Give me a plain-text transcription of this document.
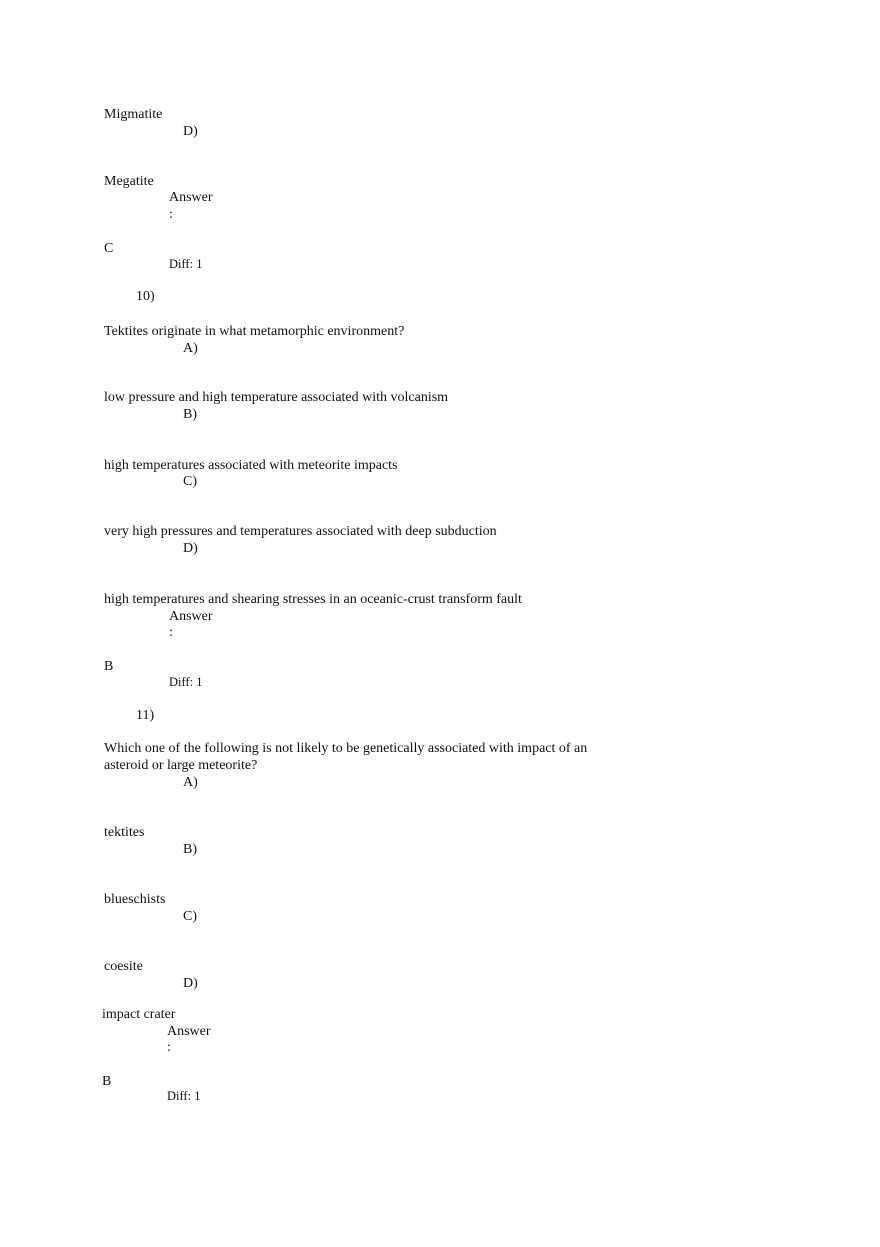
Migmatite
D)
Megatite
Answer
:
C
Diff: 1
10)
Tektites originate in what metamorphic environment?
A)
low pressure and high temperature associated with volcanism
B)
high temperatures associated with meteorite impacts
C)
very high pressures and temperatures associated with deep subduction
D)
high temperatures and shearing stresses in an oceanic-crust transform fault
Answer
:
B
Diff: 1
11)
Which one of the following is not likely to be genetically associated with impact of an asteroid or large meteorite?
A)
tektites
B)
blueschists
C)
coesite
D)
impact crater
Answer
:
B
Diff: 1
